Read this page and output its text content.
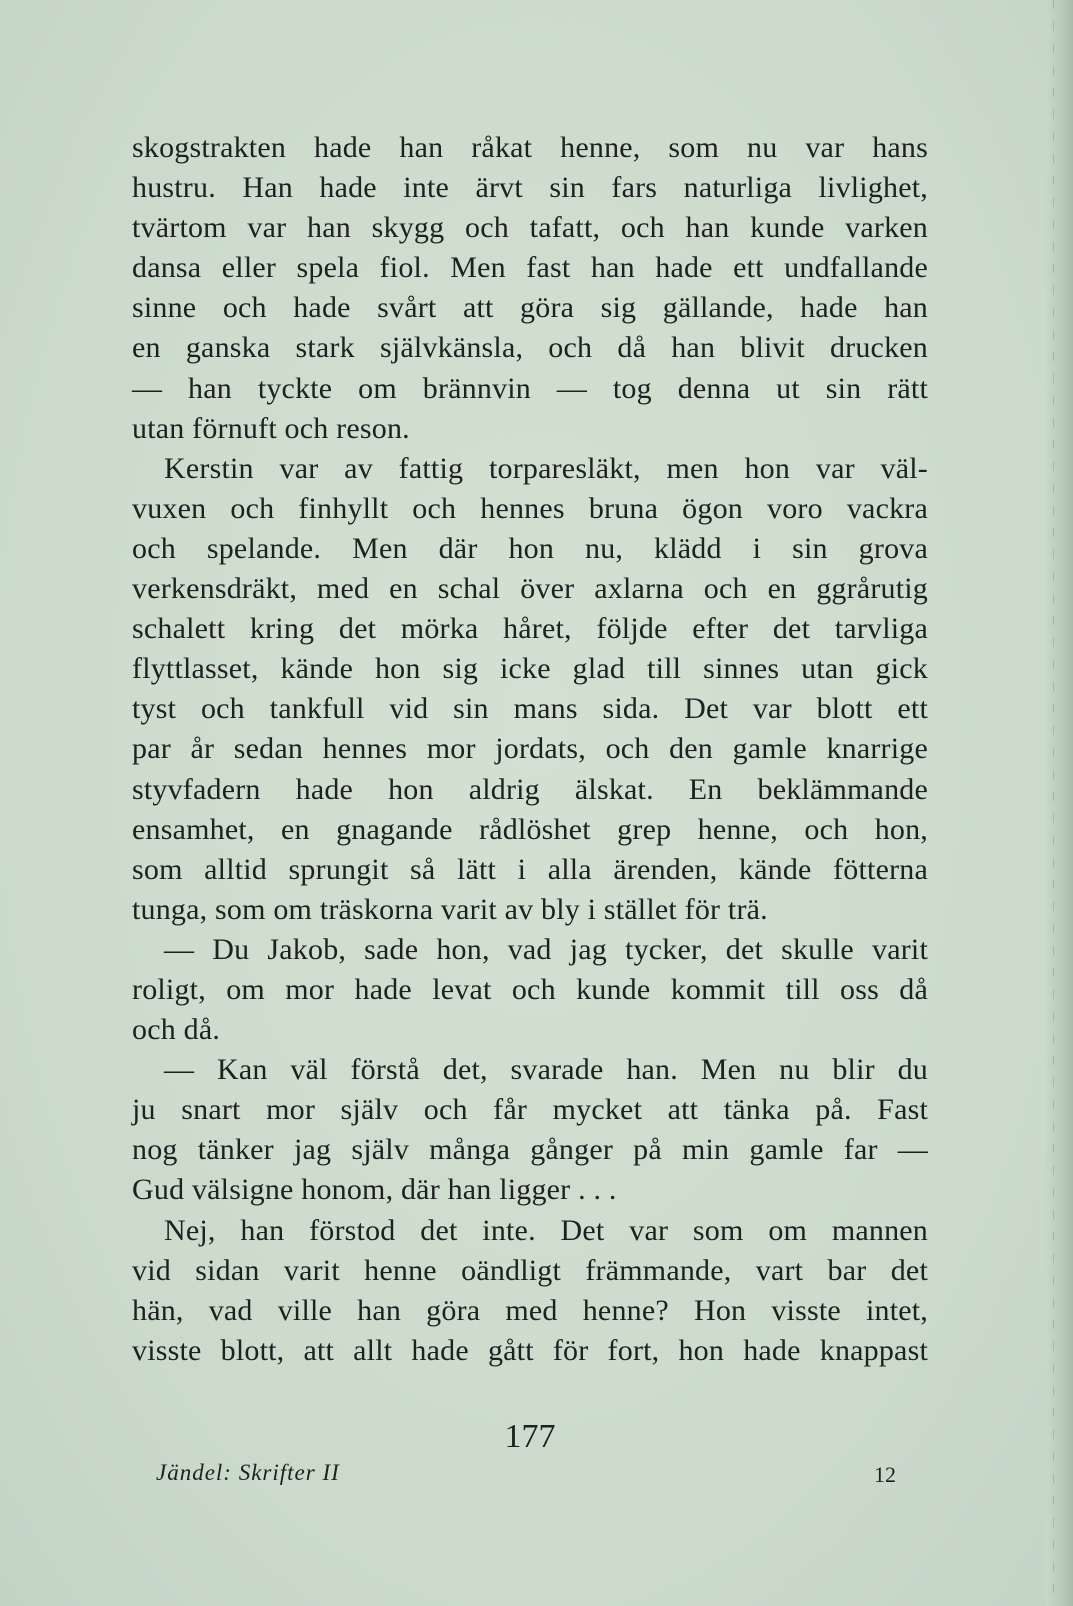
skogstrakten hade han råkat henne, som nu var hans
hustru. Han hade inte ärvt sin fars naturliga livlighet,
tvärtom var han skygg och tafatt, och han kunde varken
dansa eller spela fiol. Men fast han hade ett undfallande
sinne och hade svårt att göra sig gällande, hade han
en ganska stark självkänsla, och då han blivit drucken
— han tyckte om brännvin — tog denna ut sin rätt
utan förnuft och reson.
Kerstin var av fattig torparesläkt, men hon var väl-
vuxen och finhyllt och hennes bruna ögon voro vackra
och spelande. Men där hon nu, klädd i sin grova
verkensdräkt, med en schal över axlarna och en ggrårutig
schalett kring det mörka håret, följde efter det tarvliga
flyttlasset, kände hon sig icke glad till sinnes utan gick
tyst och tankfull vid sin mans sida. Det var blott ett
par år sedan hennes mor jordats, och den gamle knarrige
styvfadern hade hon aldrig älskat. En beklämmande
ensamhet, en gnagande rådlöshet grep henne, och hon,
som alltid sprungit så lätt i alla ärenden, kände fötterna
tunga, som om träskorna varit av bly i stället för trä.
— Du Jakob, sade hon, vad jag tycker, det skulle varit
roligt, om mor hade levat och kunde kommit till oss då
och då.
— Kan väl förstå det, svarade han. Men nu blir du
ju snart mor själv och får mycket att tänka på. Fast
nog tänker jag själv många gånger på min gamle far —
Gud välsigne honom, där han ligger . . .
Nej, han förstod det inte. Det var som om mannen
vid sidan varit henne oändligt främmande, vart bar det
hän, vad ville han göra med henne? Hon visste intet,
visste blott, att allt hade gått för fort, hon hade knappast
177
Jändel: Skrifter II	12
